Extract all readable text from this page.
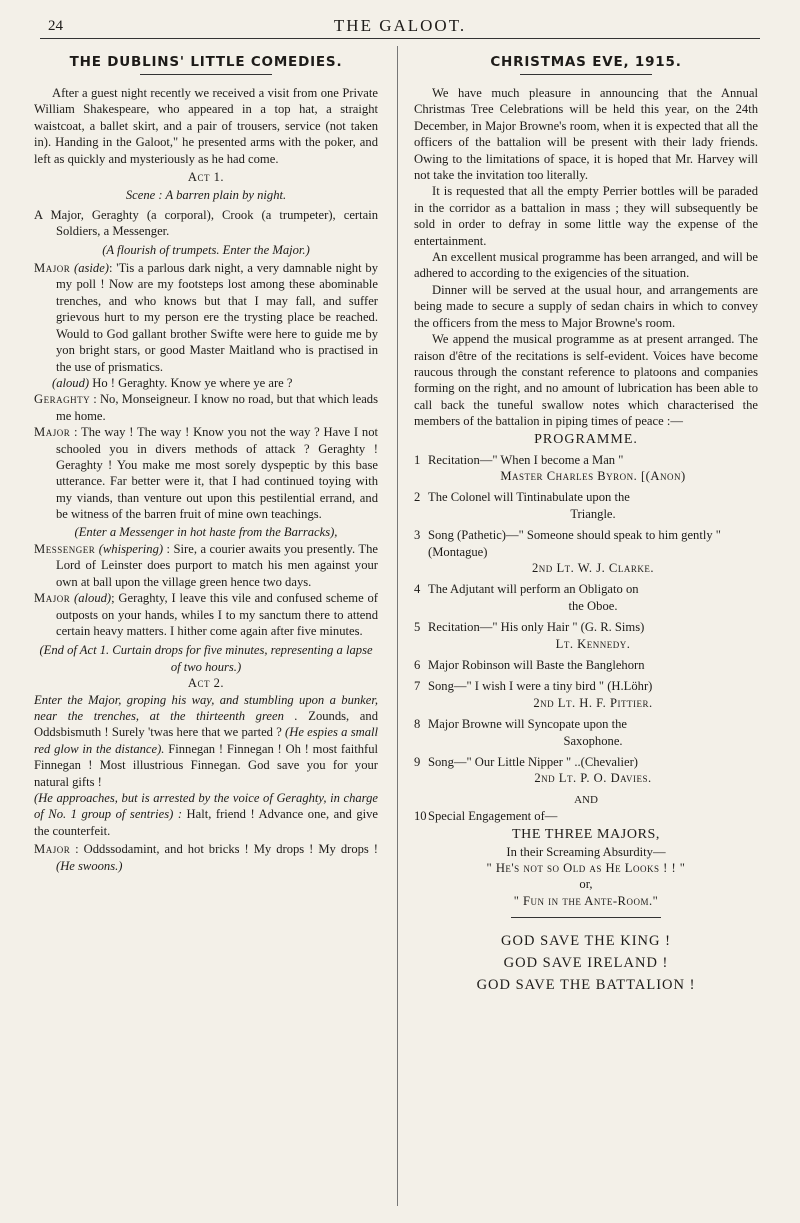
24	THE GALOOT.
THE DUBLINS' LITTLE COMEDIES.

After a guest night recently we received a visit from one Private William Shakespeare, who appeared in a top hat, a straight waistcoat, a ballet skirt, and a pair of trousers, service (not taken in). Handing in the Galoot," he presented arms with the poker, and left as quickly and mysteriously as he had come.

Act 1.

Scene : A barren plain by night.

A Major, Geraghty (a corporal), Crook (a trumpeter), certain Soldiers, a Messenger.

(A flourish of trumpets. Enter the Major.)

Major (aside): 'Tis a parlous dark night, a very damnable night by my poll ! Now are my footsteps lost among these abominable trenches, and who knows but that I may fall, and suffer grievous hurt to my person ere the trysting place be reached. Would to God gallant brother Swifte were here to guide me by yon bright stars, or good Master Maitland who is practised in the use of prismatics.

(aloud) Ho ! Geraghty. Know ye where ye are ?

Geraghty : No, Monseigneur. I know no road, but that which leads me home.

Major : The way ! The way ! Know you not the way ? Have I not schooled you in divers methods of attack ? Geraghty ! Geraghty ! You make me most sorely dyspeptic by this base utterance. Far better were it, that I had continued toying with my viands, than venture out upon this pestilential errand, and be witness of the barren fruit of mine own teachings.

(Enter a Messenger in hot haste from the Barracks),

Messenger (whispering) : Sire, a courier awaits you presently. The Lord of Leinster does purport to match his men against your own at ball upon the village green hence two days.

Major (aloud); Geraghty, I leave this vile and confused scheme of outposts on your hands, whiles I to my sanctum there to attend certain heavy matters. I hither come again after five minutes.

(End of Act 1. Curtain drops for five minutes, representing a lapse of two hours.)

Act 2.

Enter the Major, groping his way, and stumbling upon a bunker, near the trenches, at the thirteenth green . Zounds, and Oddsbismuth ! Surely 'twas here that we parted ? (He espies a small red glow in the distance). Finnegan ! Finnegan ! Oh ! most faithful Finnegan ! Most illustrious Finnegan. God save you for your natural gifts !

(He approaches, but is arrested by the voice of Geraghty, in charge of No. 1 group of sentries) : Halt, friend ! Advance one, and give the counterfeit.

Major : Oddssodamint, and hot bricks ! My drops ! My drops ! (He swoons.)

CHRISTMAS EVE, 1915.

We have much pleasure in announcing that the Annual Christmas Tree Celebrations will be held this year, on the 24th December, in Major Browne's room, when it is expected that all the officers of the battalion will be present with their lady friends. Owing to the limitations of space, it is hoped that Mr. Harvey will not take the invitation too literally.

It is requested that all the empty Perrier bottles will be paraded in the corridor as a battalion in mass ; they will subsequently be sold in order to defray in some little way the expense of the entertainment.

An excellent musical programme has been arranged, and will be adhered to according to the exigencies of the situation.

Dinner will be served at the usual hour, and arrangements are being made to secure a supply of sedan chairs in which to convey the officers from the mess to Major Browne's room.

We append the musical programme as at present arranged. The raison d'être of the recitations is self-evident. Voices have become raucous through the constant reference to platoons and companies forming on the right, and no amount of lubrication has been able to call back the tuneful swallow notes which characterised the members of the battalion in piping times of peace :—

PROGRAMME.
1 Recitation—" When I become a Man "
Master Charles Byron. [(Anon)
2 The Colonel will Tintinabulate upon the
Triangle.
3 Song (Pathetic)—" Someone should speak to him gently " (Montague)
2nd Lt. W. J. Clarke.
4 The Adjutant will perform an Obligato on
the Oboe.
5 Recitation—" His only Hair " (G. R. Sims)
Lt. Kennedy.
6 Major Robinson will Baste the Banglehorn
7 Song—" I wish I were a tiny bird " (H.Löhr)
2nd Lt. H. F. Pittier.
8 Major Browne will Syncopate upon the
Saxophone.
9 Song—" Our Little Nipper " ..(Chevalier)
2nd Lt. P. O. Davies.

AND

10 Special Engagement of—
THE THREE MAJORS,

In their Screaming Absurdity—

" He's not so Old as He Looks ! ! "

or,

" Fun in the Ante-Room."

GOD SAVE THE KING !
GOD SAVE IRELAND !
GOD SAVE THE BATTALION !
